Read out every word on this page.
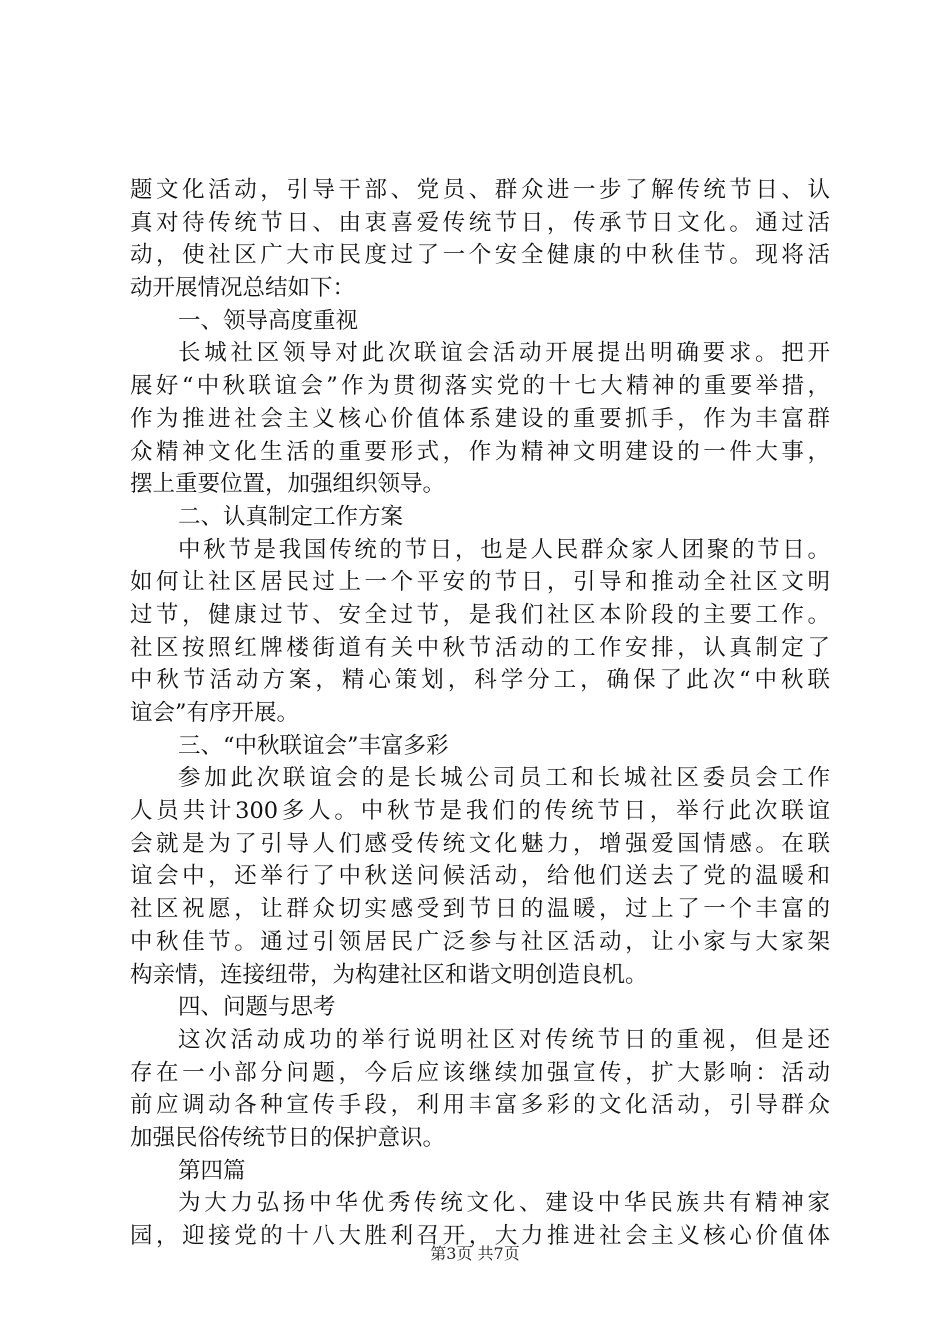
题文化活动，引导干部、党员、群众进一步了解传统节日、认
真对待传统节日、由衷喜爱传统节日，传承节日文化。通过活
动，使社区广大市民度过了一个安全健康的中秋佳节。现将活
动开展情况总结如下：
一、领导高度重视
长城社区领导对此次联谊会活动开展提出明确要求。把开
展好“中秋联谊会”作为贯彻落实党的十七大精神的重要举措，
作为推进社会主义核心价值体系建设的重要抓手，作为丰富群
众精神文化生活的重要形式，作为精神文明建设的一件大事，
摆上重要位置，加强组织领导。
二、认真制定工作方案
中秋节是我国传统的节日，也是人民群众家人团聚的节日。
如何让社区居民过上一个平安的节日，引导和推动全社区文明
过节，健康过节、安全过节，是我们社区本阶段的主要工作。
社区按照红牌楼街道有关中秋节活动的工作安排，认真制定了
中秋节活动方案，精心策划，科学分工，确保了此次“中秋联
谊会”有序开展。
三、“中秋联谊会”丰富多彩
参加此次联谊会的是长城公司员工和长城社区委员会工作
人员共计300多人。中秋节是我们的传统节日，举行此次联谊
会就是为了引导人们感受传统文化魅力，增强爱国情感。在联
谊会中，还举行了中秋送问候活动，给他们送去了党的温暖和
社区祝愿，让群众切实感受到节日的温暖，过上了一个丰富的
中秋佳节。通过引领居民广泛参与社区活动，让小家与大家架
构亲情，连接纽带，为构建社区和谐文明创造良机。
四、问题与思考
这次活动成功的举行说明社区对传统节日的重视，但是还
存在一小部分问题，今后应该继续加强宣传，扩大影响：活动
前应调动各种宣传手段，利用丰富多彩的文化活动，引导群众
加强民俗传统节日的保护意识。
第四篇
为大力弘扬中华优秀传统文化、建设中华民族共有精神家
园，迎接党的十八大胜利召开，大力推进社会主义核心价值体
第3页 共7页
